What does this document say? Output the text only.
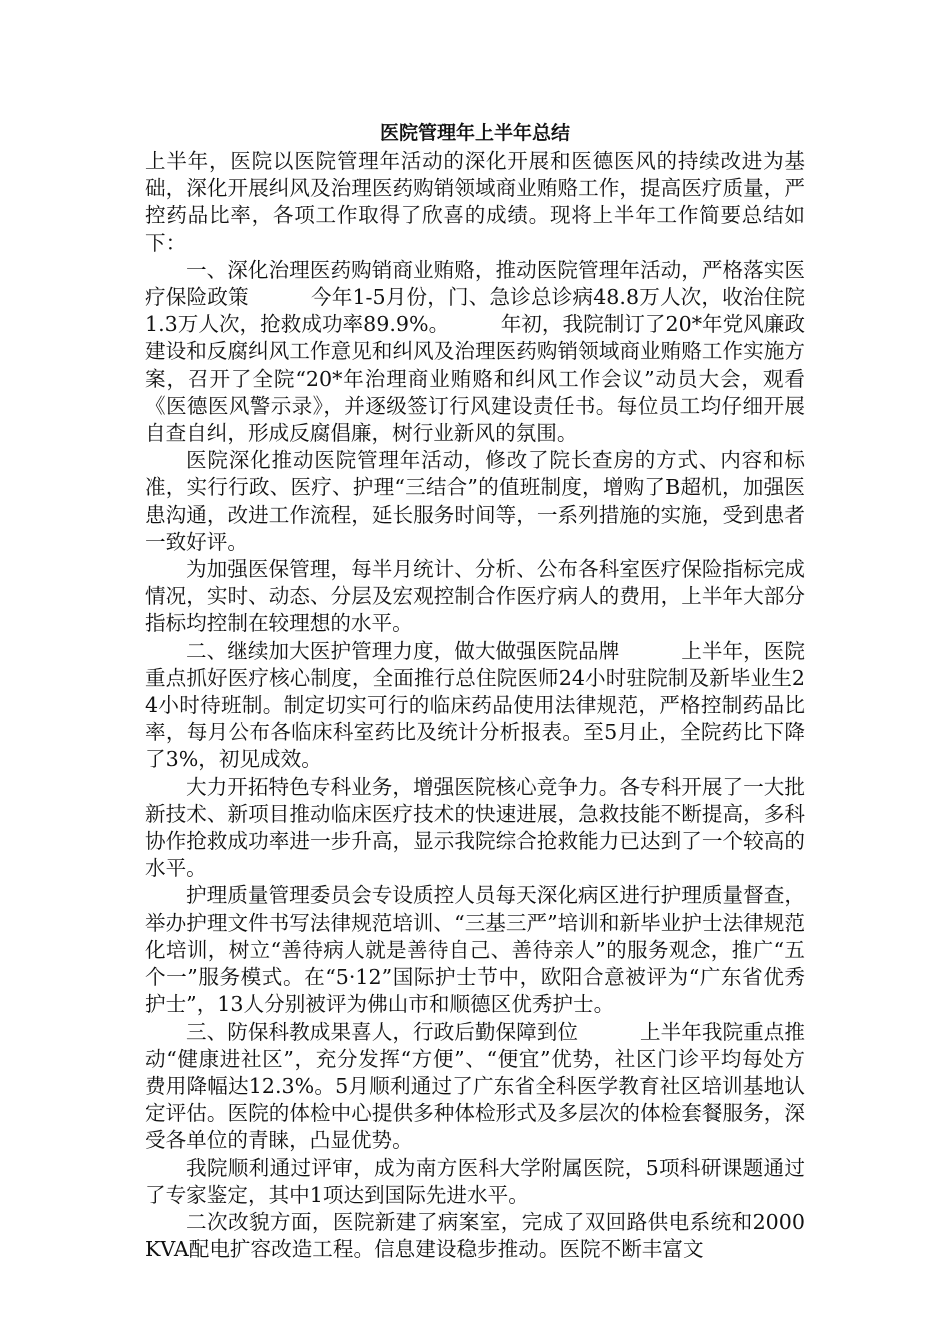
医院管理年上半年总结

上半年，医院以医院管理年活动的深化开展和医德医风的持续改进为基础，深化开展纠风及治理医药购销领域商业贿赂工作，提高医疗质量，严控药品比率，各项工作取得了欣喜的成绩。现将上半年工作简要总结如下：

一、深化治理医药购销商业贿赂，推动医院管理年活动，严格落实医疗保险政策　　　今年1-5月份，门、急诊总诊病48.8万人次，收治住院1.3万人次，抢救成功率89.9%。　　　年初，我院制订了20*年党风廉政建设和反腐纠风工作意见和纠风及治理医药购销领域商业贿赂工作实施方案，召开了全院“20*年治理商业贿赂和纠风工作会议”动员大会，观看《医德医风警示录》，并逐级签订行风建设责任书。每位员工均仔细开展自查自纠，形成反腐倡廉，树行业新风的氛围。

医院深化推动医院管理年活动，修改了院长查房的方式、内容和标准，实行行政、医疗、护理“三结合”的值班制度，增购了B超机，加强医患沟通，改进工作流程，延长服务时间等，一系列措施的实施，受到患者一致好评。

为加强医保管理，每半月统计、分析、公布各科室医疗保险指标完成情况，实时、动态、分层及宏观控制合作医疗病人的费用，上半年大部分指标均控制在较理想的水平。

二、继续加大医护管理力度，做大做强医院品牌　　　上半年，医院重点抓好医疗核心制度，全面推行总住院医师24小时驻院制及新毕业生24小时待班制。制定切实可行的临床药品使用法律规范，严格控制药品比率，每月公布各临床科室药比及统计分析报表。至5月止，全院药比下降了3%，初见成效。

大力开拓特色专科业务，增强医院核心竞争力。各专科开展了一大批新技术、新项目推动临床医疗技术的快速进展，急救技能不断提高，多科协作抢救成功率进一步升高，显示我院综合抢救能力已达到了一个较高的水平。

护理质量管理委员会专设质控人员每天深化病区进行护理质量督查，举办护理文件书写法律规范培训、“三基三严”培训和新毕业护士法律规范化培训，树立“善待病人就是善待自己、善待亲人”的服务观念，推广“五个一”服务模式。在“5·12”国际护士节中，欧阳合意被评为“广东省优秀护士”，13人分别被评为佛山市和顺德区优秀护士。

三、防保科教成果喜人，行政后勤保障到位　　　上半年我院重点推动“健康进社区”，充分发挥“方便”、“便宜”优势，社区门诊平均每处方费用降幅达12.3%。5月顺利通过了广东省全科医学教育社区培训基地认定评估。医院的体检中心提供多种体检形式及多层次的体检套餐服务，深受各单位的青睐，凸显优势。

我院顺利通过评审，成为南方医科大学附属医院，5项科研课题通过了专家鉴定，其中1项达到国际先进水平。

二次改貌方面，医院新建了病案室，完成了双回路供电系统和2000KVA配电扩容改造工程。信息建设稳步推动。医院不断丰富文
